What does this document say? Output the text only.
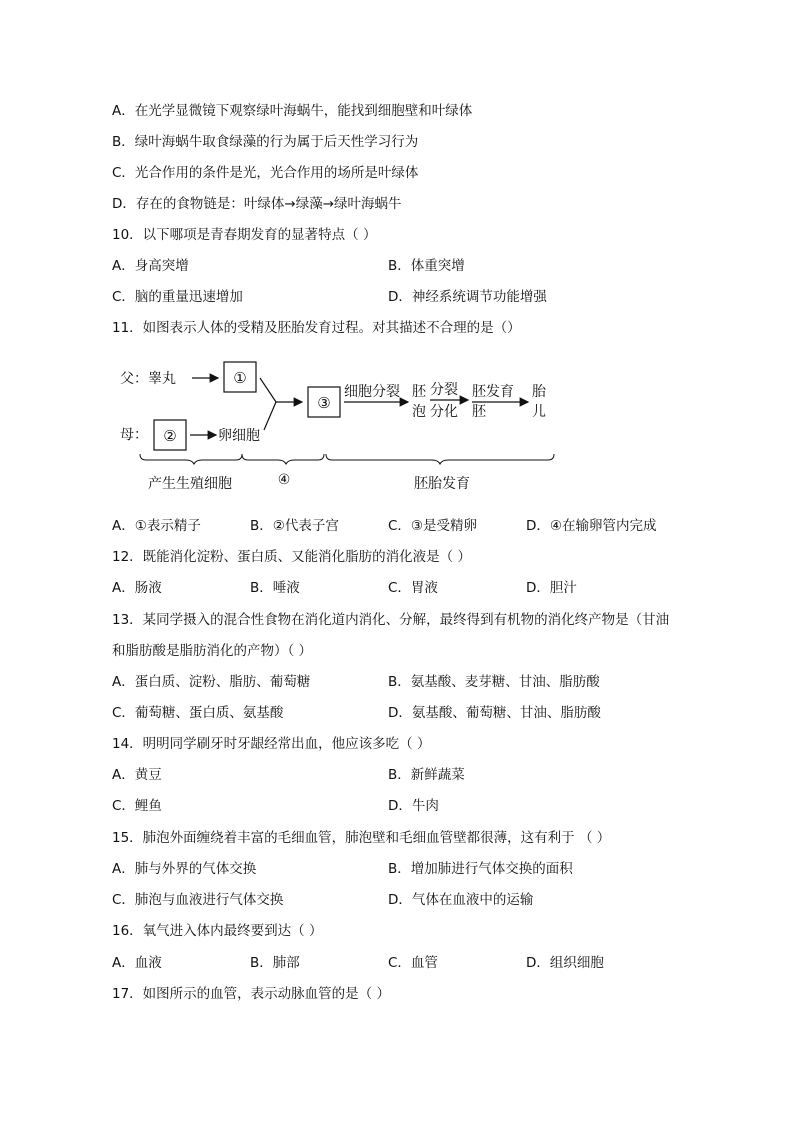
A．在光学显微镜下观察绿叶海蜗牛，能找到细胞壁和叶绿体
B．绿叶海蜗牛取食绿藻的行为属于后天性学习行为
C．光合作用的条件是光，光合作用的场所是叶绿体
D．存在的食物链是：叶绿体→绿藻→绿叶海蜗牛
10．以下哪项是青春期发育的显著特点（ ）
A．身高突增	B．体重突增
C．脑的重量迅速增加	D．神经系统调节功能增强
11．如图表示人体的受精及胚胎发育过程。对其描述不合理的是（）
父：睾丸	①
母： ②	卵细胞
③
细胞分裂 胚
泡
分裂
分化
胚发育
胚
胎
儿
产生生殖细胞	④	胚胎发育
A．①表示精子	B．②代表子宫	C．③是受精卵	D．④在输卵管内完成
12．既能消化淀粉、蛋白质、又能消化脂肪的消化液是（ ）
A．肠液	B．唾液	C．胃液	D．胆汁
13．某同学摄入的混合性食物在消化道内消化、分解，最终得到有机物的消化终产物是（甘油
和脂肪酸是脂肪消化的产物）（ ）
A．蛋白质、淀粉、脂肪、葡萄糖	B．氨基酸、麦芽糖、甘油、脂肪酸
C．葡萄糖、蛋白质、氨基酸	D．氨基酸、葡萄糖、甘油、脂肪酸
14．明明同学刷牙时牙龈经常出血，他应该多吃（ ）
A．黄豆	B．新鲜蔬菜
C．鲤鱼	D．牛肉
15．肺泡外面缠绕着丰富的毛细血管，肺泡壁和毛细血管壁都很薄，这有利于 （ ）
A．肺与外界的气体交换	B．增加肺进行气体交换的面积
C．肺泡与血液进行气体交换	D．气体在血液中的运输
16．氧气进入体内最终要到达（ ）
A．血液	B．肺部	C．血管	D．组织细胞
17．如图所示的血管，表示动脉血管的是（ ）
